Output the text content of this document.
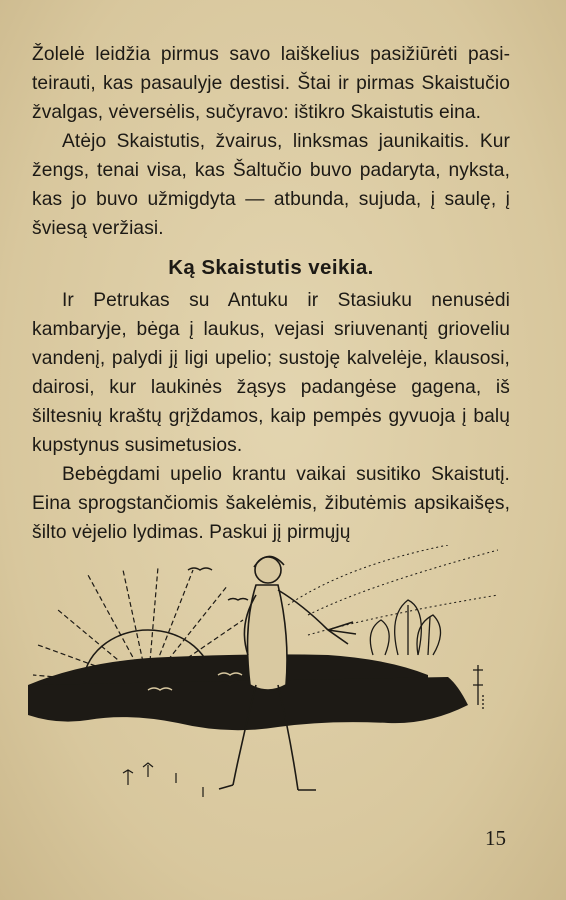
Žolelė leidžia pirmus savo laiškelius pasižiūrėti pasiteirauti, kas pasaulyje destisi. Štai ir pirmas Skaistučio žvalgas, vėversėlis, sučyravo: ištikro Skaistutis eina.

Atėjo Skaistutis, žvairus, linksmas jaunikaitis. Kur žengs, tenai visa, kas Šaltučio buvo padaryta, nyksta, kas jo buvo užmigdyta — atbunda, sujuda, į saulę, į šviesą veržiasi.

Ką Skaistutis veikia.

Ir Petrukas su Antuku ir Stasiuku nenusėdi kambaryje, bėga į laukus, vejasi sriuvenantį grioveliu vandenį, palydi jį ligi upelio; sustoję kalvelėje, klausosi, dairosi, kur laukinės žąsys padangėse gagena, iš šiltesnių kraštų grįždamos, kaip pempės gyvuoja į balų kupstynus susimetusios.

Bebėgdami upelio krantu vaikai susitiko Skaistutį. Eina sprogstančiomis šakelėmis, žibutėmis apsikaišęs, šilto vėjelio lydimas. Paskui jį pirmųjų

15
